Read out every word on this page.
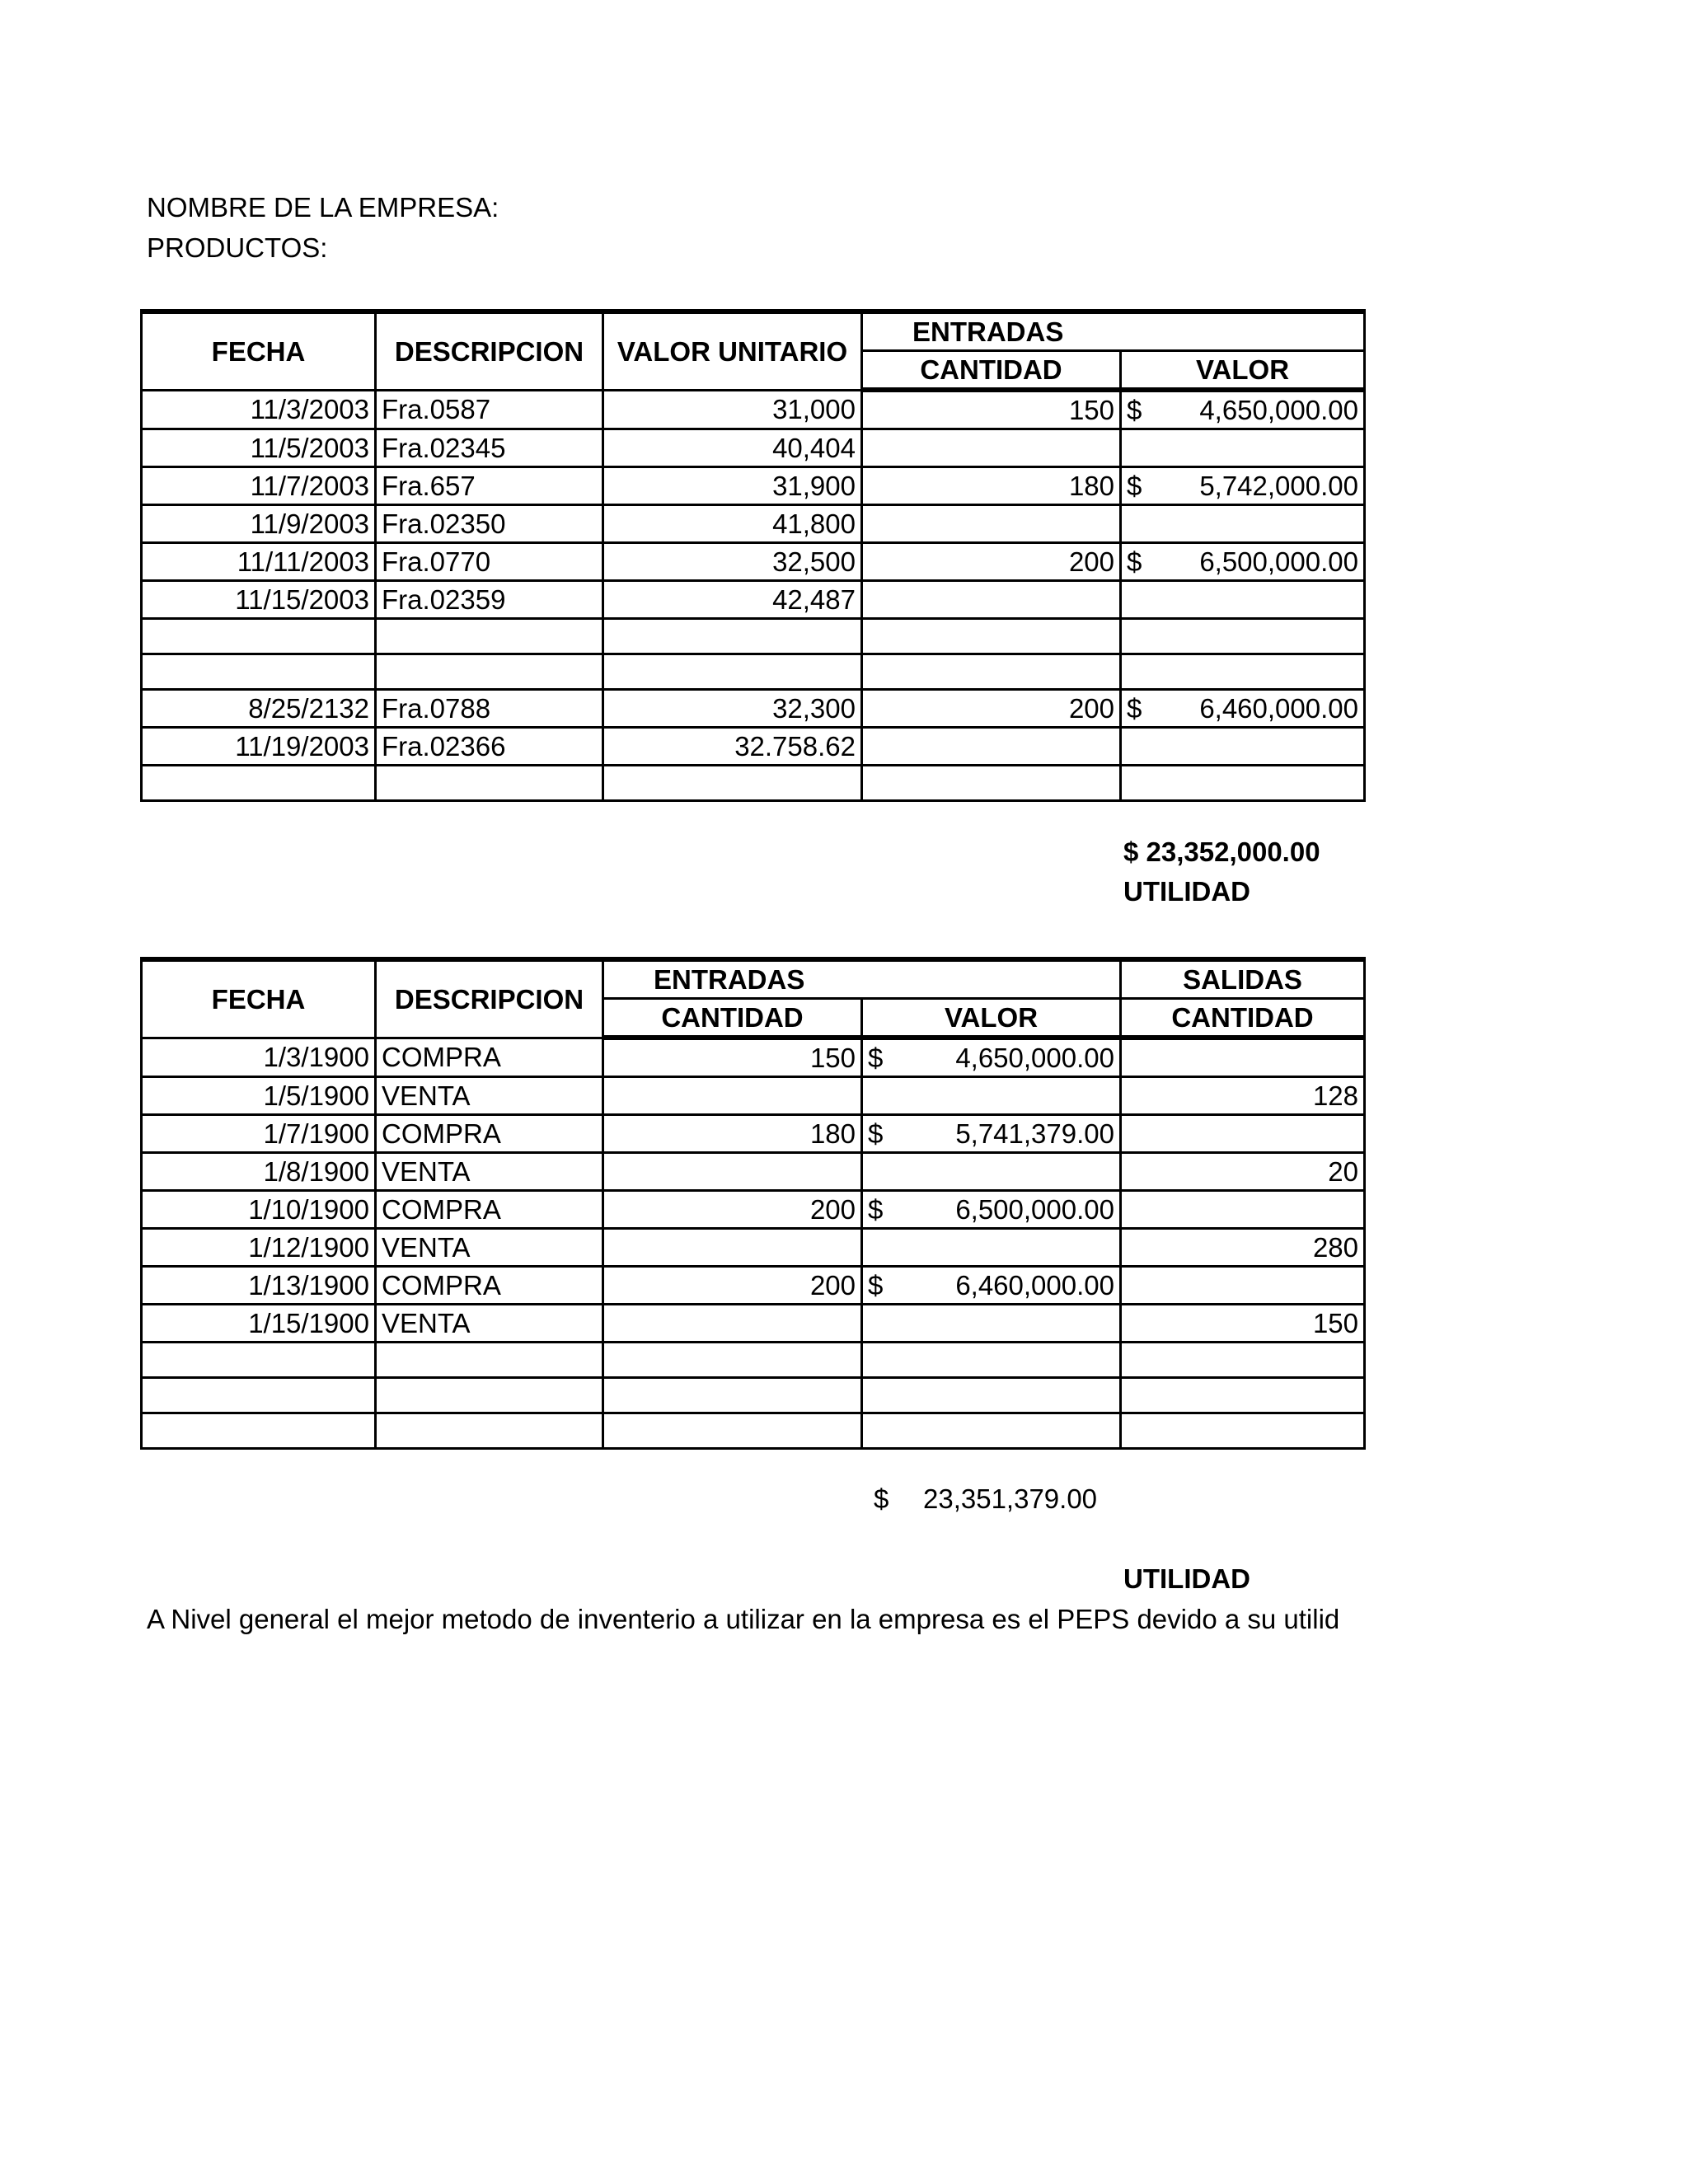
NOMBRE DE LA EMPRESA:
PRODUCTOS:
FECHA	DESCRIPCION	VALOR UNITARIO	ENTRADAS	
			CANTIDAD	VALOR
11/3/2003	Fra.0587	31,000	150	$ 4,650,000.00

11/5/2003	Fra.02345	40,404		

11/7/2003	Fra.657	31,900	180	$ 5,742,000.00

11/9/2003	Fra.02350	41,800		

11/11/2003	Fra.0770	32,500	200	$ 6,500,000.00

11/15/2003	Fra.02359	42,487		

8/25/2132	Fra.0788	32,300	200	$ 6,460,000.00

11/19/2003	Fra.02366	32.758.62		

$ 23,352,000.00
UTILIDAD
FECHA	DESCRIPCION	ENTRADAS		SALIDAS
		CANTIDAD	VALOR	CANTIDAD
1/3/1900	COMPRA	150	$ 4,650,000.00	

1/5/1900	VENTA			128
1/7/1900	COMPRA	180	$ 5,741,379.00	

1/8/1900	VENTA			20
1/10/1900	COMPRA	200	$ 6,500,000.00	

1/12/1900	VENTA			280
1/13/1900	COMPRA	200	$ 6,460,000.00	

1/15/1900	VENTA			150

$ 23,351,379.00
UTILIDAD
A Nivel general el mejor metodo de inventerio a utilizar en la empresa es el PEPS devido a su utilid
